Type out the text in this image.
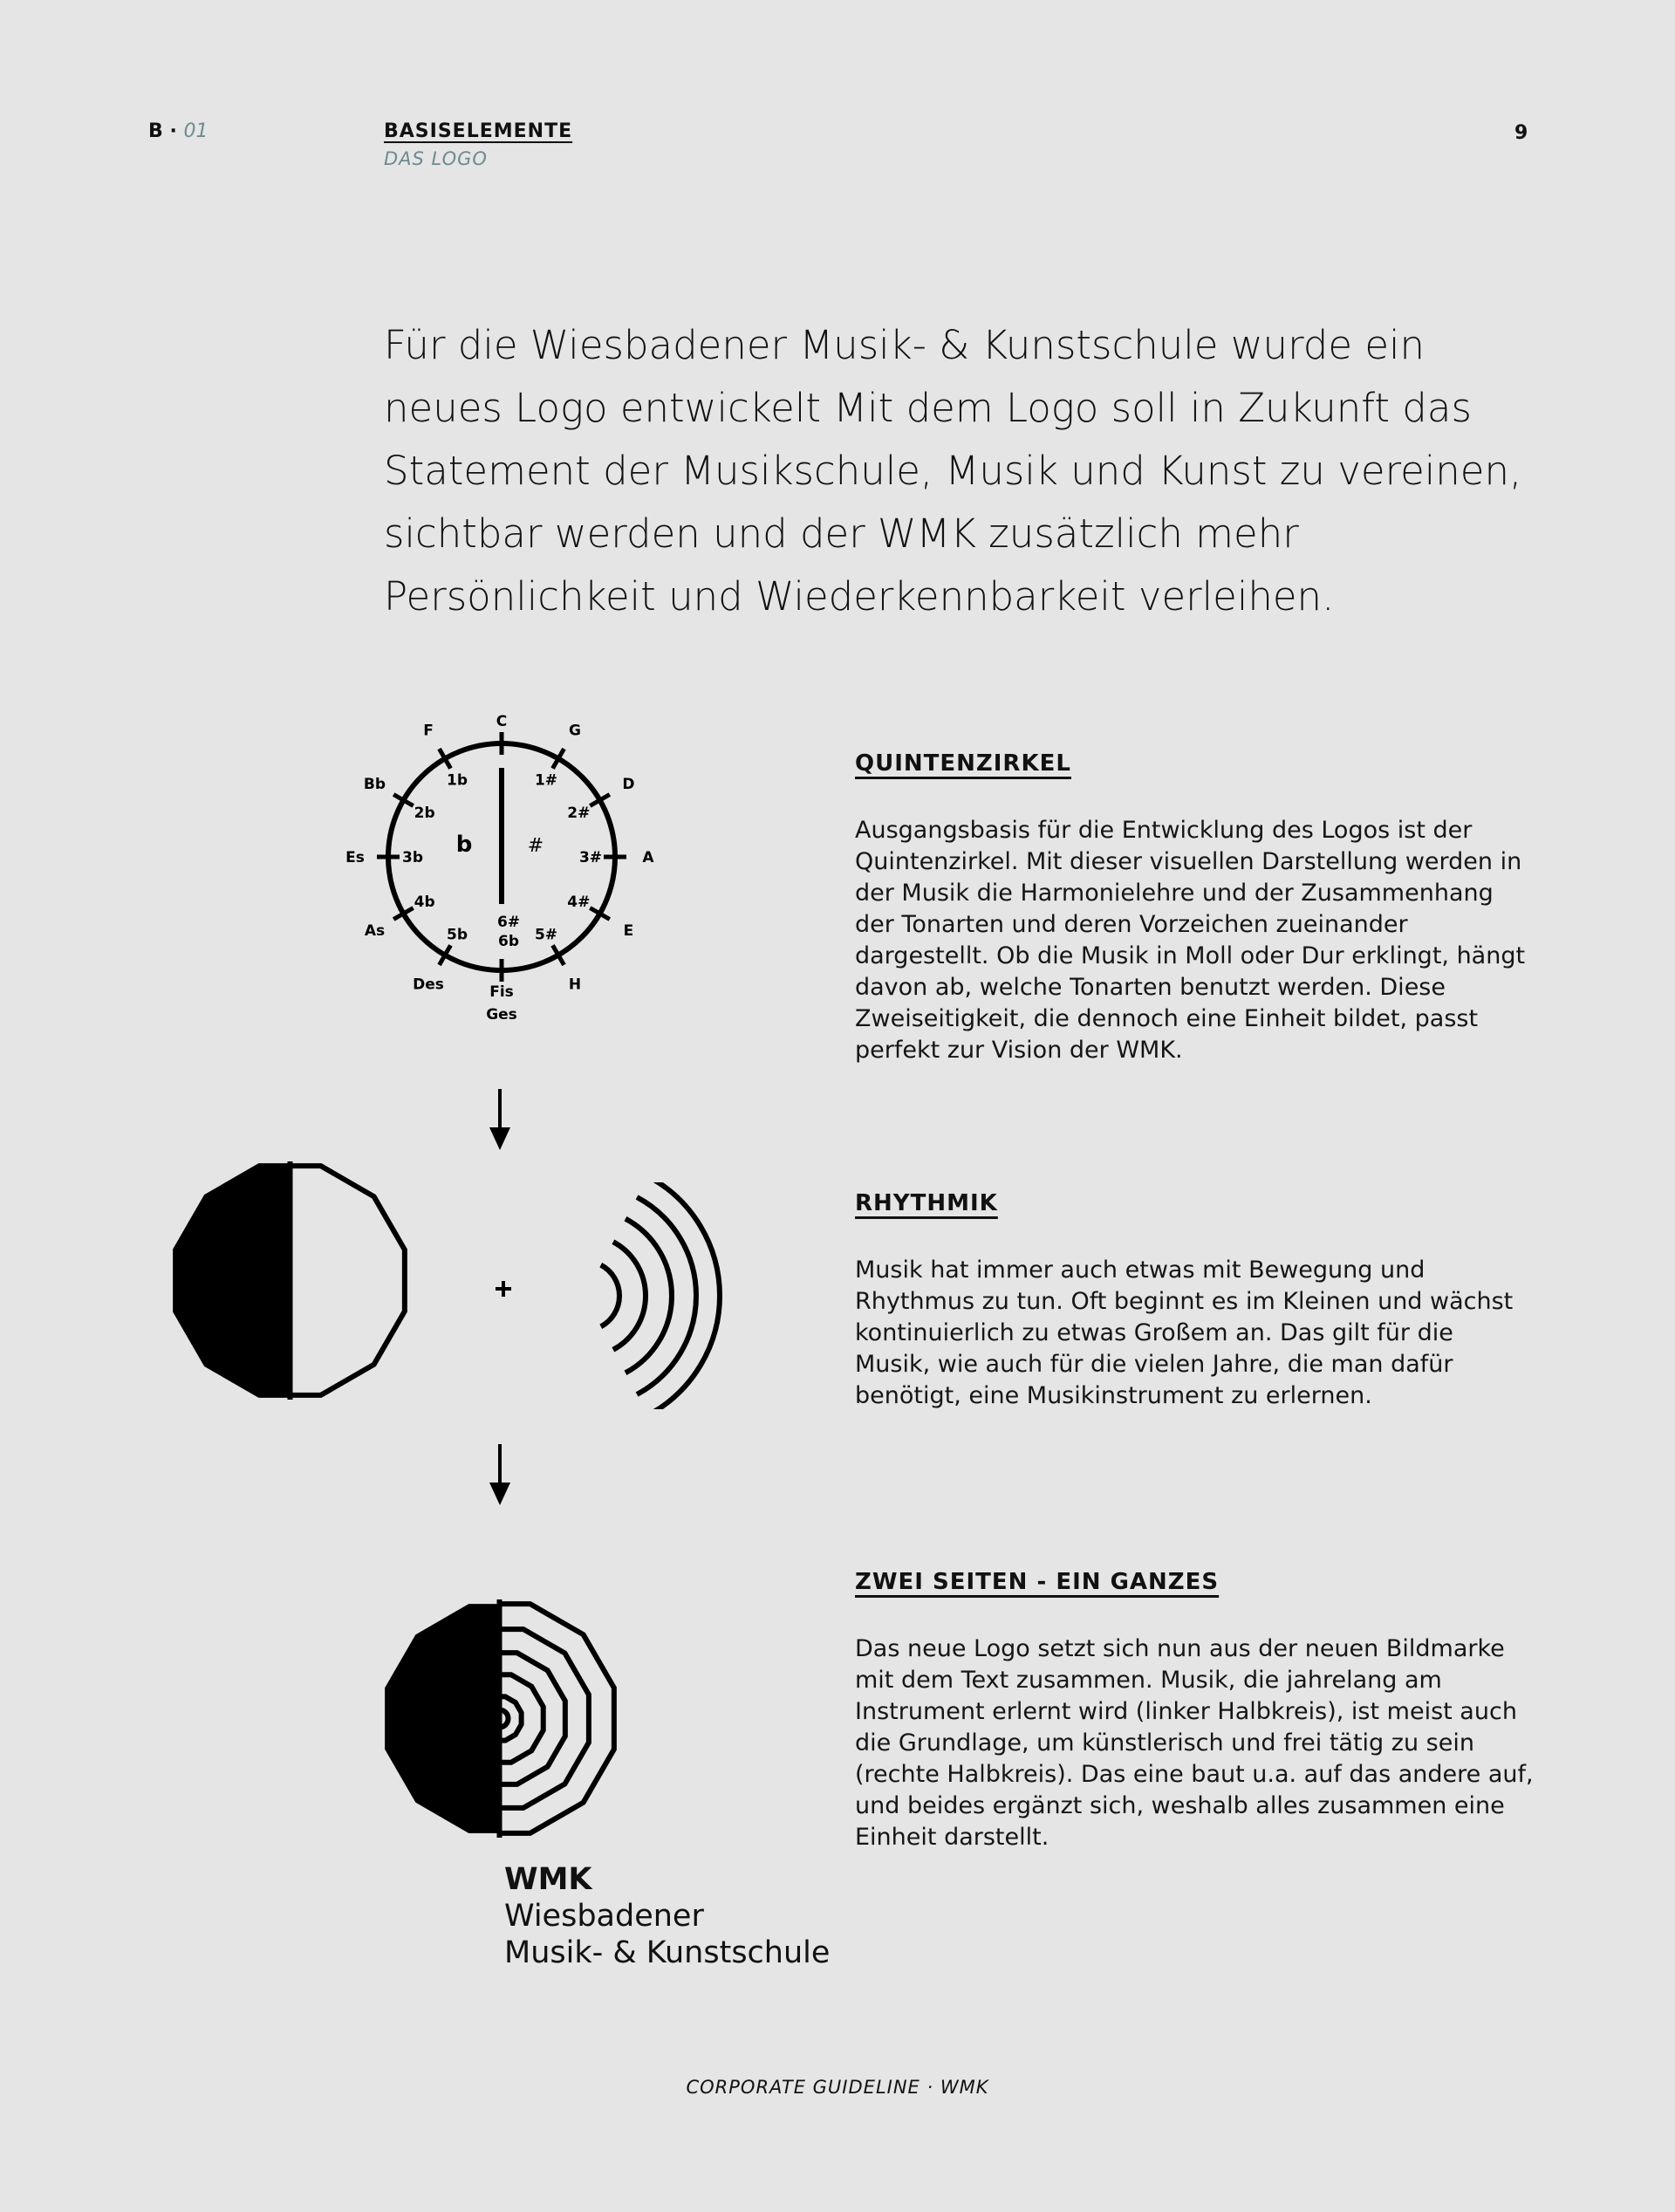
B · 01	BASISELEMENTE
DAS LOGO
9

Für die Wiesbadener Musik- & Kunstschule wurde ein neues Logo entwickelt Mit dem Logo soll in Zukunft das Statement der Musikschule, Musik und Kunst zu vereinen, sichtbar werden und der WMK zusätzlich mehr Persönlichkeit und Wiederkennbarkeit verleihen.

C
G
D
A
E
H
Fis
Ges
Des
As
Es
Bb
F
1#
2#
3#
4#
5#
6#
6b
5b
4b
3b
2b
1b
b	#
WMK
Wiesbadener
Musik- & Kunstschule
QUINTENZIRKEL

Ausgangsbasis für die Entwicklung des Logos ist der Quintenzirkel. Mit dieser visuellen Darstellung werden in der Musik die Harmonielehre und der Zusammenhang der Tonarten und deren Vorzeichen zueinander dargestellt. Ob die Musik in Moll oder Dur erklingt, hängt davon ab, welche Tonarten benutzt werden. Diese Zweiseitigkeit, die dennoch eine Einheit bildet, passt perfekt zur Vision der WMK.

RHYTHMIK

Musik hat immer auch etwas mit Bewegung und Rhythmus zu tun. Oft beginnt es im Kleinen und wächst kontinuierlich zu etwas Großem an. Das gilt für die Musik, wie auch für die vielen Jahre, die man dafür benötigt, eine Musikinstrument zu erlernen.

ZWEI SEITEN - EIN GANZES

Das neue Logo setzt sich nun aus der neuen Bildmarke mit dem Text zusammen. Musik, die jahrelang am Instrument erlernt wird (linker Halbkreis), ist meist auch die Grundlage, um künstlerisch und frei tätig zu sein (rechte Halbkreis). Das eine baut u.a. auf das andere auf, und beides ergänzt sich, weshalb alles zusammen eine Einheit darstellt.

CORPORATE GUIDELINE · WMK
